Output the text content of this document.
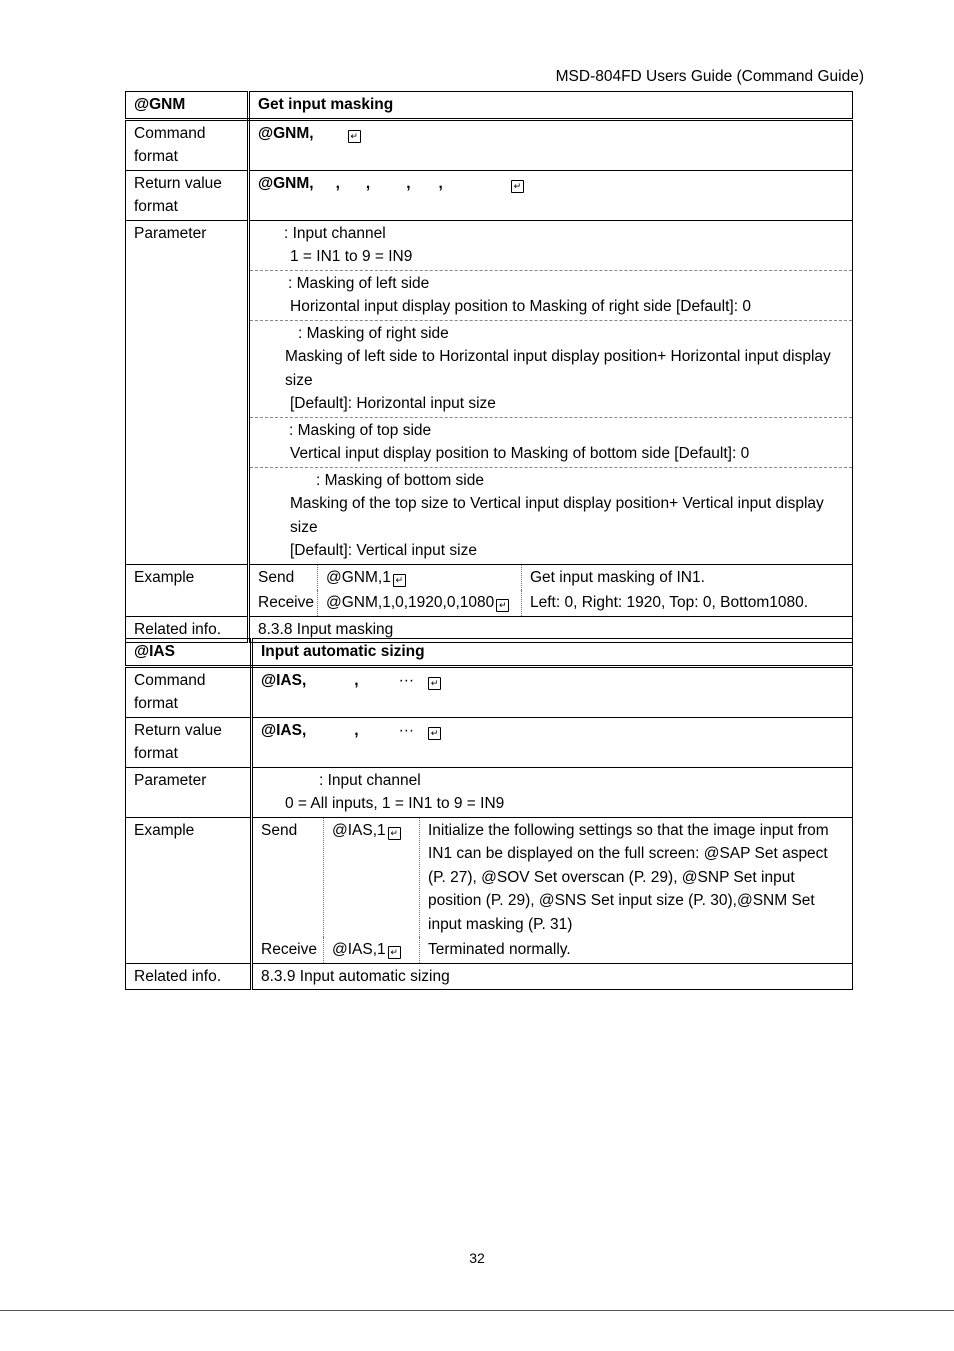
MSD-804FD Users Guide (Command Guide)
@GNM	Get input masking
Command format	@GNM,	↵
Return value format	@GNM, , , , ,	↵
Parameter	: Input channel
1 = IN1 to 9 = IN9
: Masking of left side
Horizontal input display position to Masking of right side [Default]: 0
: Masking of right side
Masking of left side to Horizontal input display position+ Horizontal input display size
[Default]: Horizontal input size
: Masking of top side
Vertical input display position to Masking of bottom side [Default]: 0
: Masking of bottom side
Masking of the top size to Vertical input display position+ Vertical input display size
[Default]: Vertical input size

Example		Send	@GNM,1 ↵	Get input masking of IN1.
Receive	@GNM,1,0,1920,0,1080 ↵	Left: 0, Right: 1920, Top: 0, Bottom1080.

Related info.	8.3.8 Input masking
@IAS	Input automatic sizing
Command format	@IAS,	,	··· ↵
Return value format	@IAS,	,	··· ↵
Parameter	: Input channel
0 = All inputs, 1 = IN1 to 9 = IN9

Example		Send	@IAS,1 ↵	Initialize the following settings so that the image input from IN1 can be displayed on the full screen: @SAP Set aspect (P. 27), @SOV Set overscan (P. 29), @SNP Set input position (P. 29), @SNS Set input size (P. 30),@SNM Set input masking (P. 31)
Receive	@IAS,1 ↵	Terminated normally.

Related info.	8.3.9 Input automatic sizing
32
